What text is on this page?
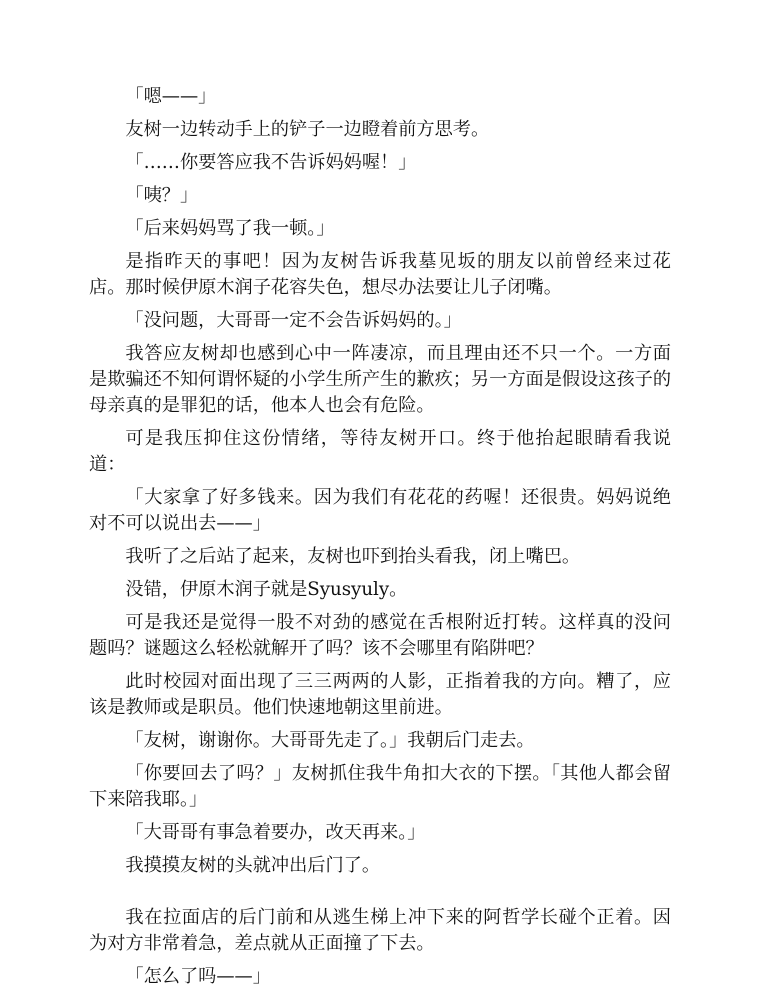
「嗯——」

友树一边转动手上的铲子一边瞪着前方思考。

「……你要答应我不告诉妈妈喔！」

「咦？」

「后来妈妈骂了我一顿。」

是指昨天的事吧！因为友树告诉我墓见坂的朋友以前曾经来过花店。那时候伊原木润子花容失色，想尽办法要让儿子闭嘴。

「没问题，大哥哥一定不会告诉妈妈的。」

我答应友树却也感到心中一阵凄凉，而且理由还不只一个。一方面是欺骗还不知何谓怀疑的小学生所产生的歉疚；另一方面是假设这孩子的母亲真的是罪犯的话，他本人也会有危险。

可是我压抑住这份情绪，等待友树开口。终于他抬起眼睛看我说道：

「大家拿了好多钱来。因为我们有花花的药喔！还很贵。妈妈说绝对不可以说出去——」

我听了之后站了起来，友树也吓到抬头看我，闭上嘴巴。

没错，伊原木润子就是Syusyuly。

可是我还是觉得一股不对劲的感觉在舌根附近打转。这样真的没问题吗？谜题这么轻松就解开了吗？该不会哪里有陷阱吧？

此时校园对面出现了三三两两的人影，正指着我的方向。糟了，应该是教师或是职员。他们快速地朝这里前进。

「友树，谢谢你。大哥哥先走了。」我朝后门走去。

「你要回去了吗？」友树抓住我牛角扣大衣的下摆。「其他人都会留下来陪我耶。」

「大哥哥有事急着要办，改天再来。」

我摸摸友树的头就冲出后门了。

我在拉面店的后门前和从逃生梯上冲下来的阿哲学长碰个正着。因为对方非常着急，差点就从正面撞了下去。

「怎么了吗——」
